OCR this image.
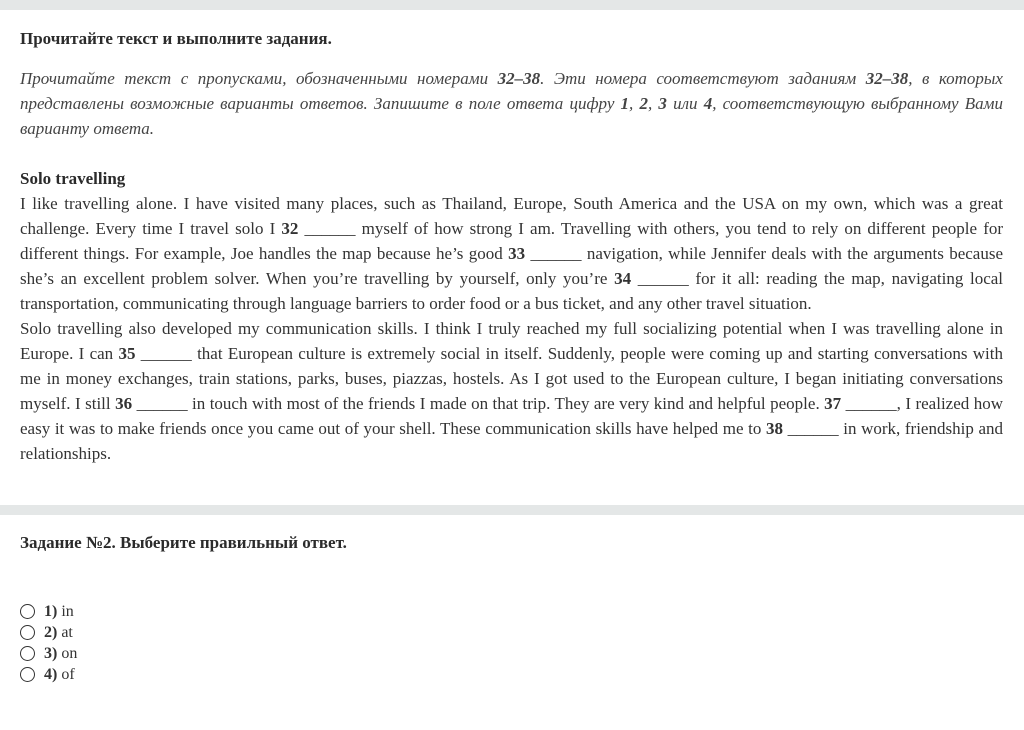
Прочитайте текст и выполните задания.

Прочитайте текст с пропусками, обозначенными номерами 32–38. Эти номера соответствуют заданиям 32–38, в которых представлены возможные варианты ответов. Запишите в поле ответа цифру 1, 2, 3 или 4, соответствующую выбранному Вами варианту ответа.

Solo travelling

I like travelling alone. I have visited many places, such as Thailand, Europe, South America and the USA on my own, which was a great challenge. Every time I travel solo I 32 ______ myself of how strong I am. Travelling with others, you tend to rely on different people for different things. For example, Joe handles the map because he’s good 33 ______ navigation, while Jennifer deals with the arguments because she’s an excellent problem solver. When you’re travelling by yourself, only you’re 34 ______ for it all: reading the map, navigating local transportation, communicating through language barriers to order food or a bus ticket, and any other travel situation.

Solo travelling also developed my communication skills. I think I truly reached my full socializing potential when I was travelling alone in Europe. I can 35 ______ that European culture is extremely social in itself. Suddenly, people were coming up and starting conversations with me in money exchanges, train stations, parks, buses, piazzas, hostels. As I got used to the European culture, I began initiating conversations myself. I still 36 ______ in touch with most of the friends I made on that trip. They are very kind and helpful people. 37 ______, I realized how easy it was to make friends once you came out of your shell. These communication skills have helped me to 38 ______ in work, friendship and relationships.

Задание №2. Выберите правильный ответ.

1) in
2) at
3) on
4) of
